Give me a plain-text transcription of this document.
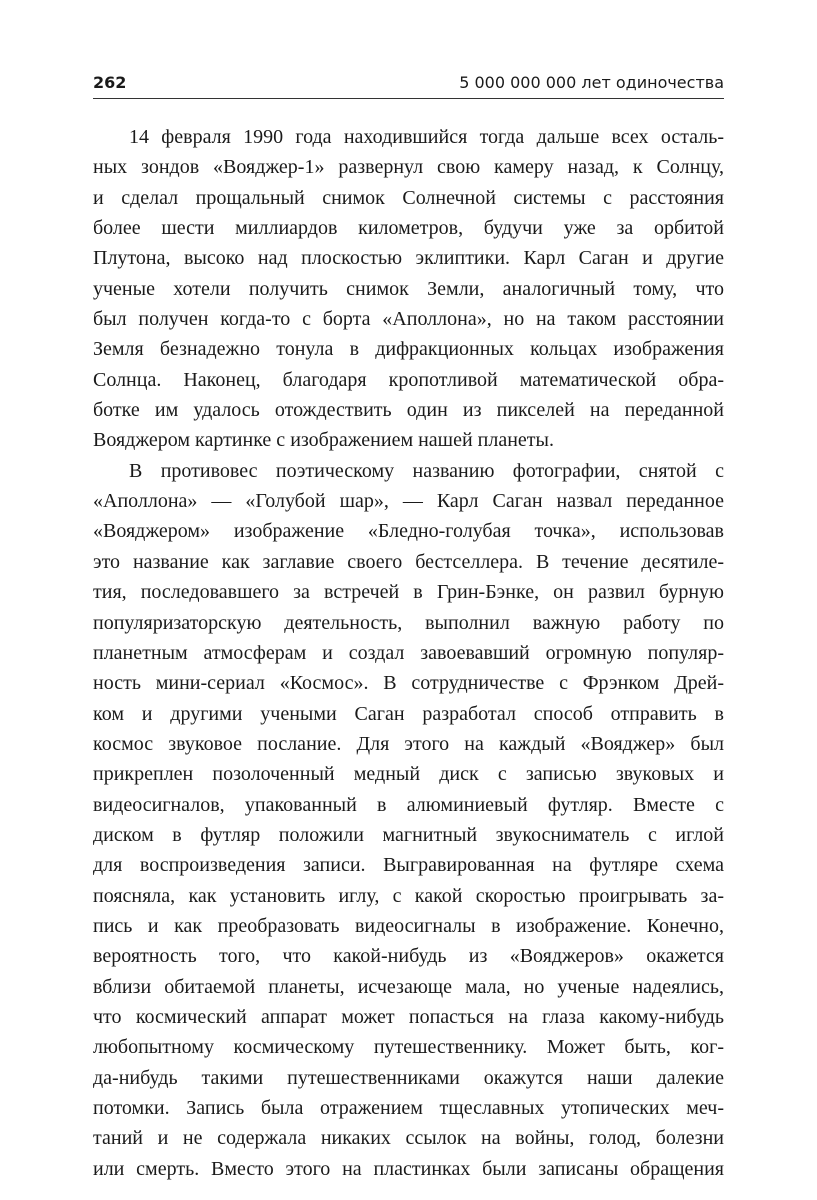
262	5 000 000 000 лет одиночества
14 февраля 1990 года находившийся тогда дальше всех осталь-
ных зондов «Вояджер-1» развернул свою камеру назад, к Солнцу,
и сделал прощальный снимок Солнечной системы с расстояния
более шести миллиардов километров, будучи уже за орбитой
Плутона, высоко над плоскостью эклиптики. Карл Саган и другие
ученые хотели получить снимок Земли, аналогичный тому, что
был получен когда-то с борта «Аполлона», но на таком расстоянии
Земля безнадежно тонула в дифракционных кольцах изображения
Солнца. Наконец, благодаря кропотливой математической обра-
ботке им удалось отождествить один из пикселей на переданной
Вояджером картинке с изображением нашей планеты.
В противовес поэтическому названию фотографии, снятой с
«Аполлона» — «Голубой шар», — Карл Саган назвал переданное
«Вояджером» изображение «Бледно-голубая точка», использовав
это название как заглавие своего бестселлера. В течение десятиле-
тия, последовавшего за встречей в Грин-Бэнке, он развил бурную
популяризаторскую деятельность, выполнил важную работу по
планетным атмосферам и создал завоевавший огромную популяр-
ность мини-сериал «Космос». В сотрудничестве с Фрэнком Дрей-
ком и другими учеными Саган разработал способ отправить в
космос звуковое послание. Для этого на каждый «Вояджер» был
прикреплен позолоченный медный диск с записью звуковых и
видеосигналов, упакованный в алюминиевый футляр. Вместе с
диском в футляр положили магнитный звукосниматель с иглой
для воспроизведения записи. Выгравированная на футляре схема
поясняла, как установить иглу, с какой скоростью проигрывать за-
пись и как преобразовать видеосигналы в изображение. Конечно,
вероятность того, что какой-нибудь из «Вояджеров» окажется
вблизи обитаемой планеты, исчезающе мала, но ученые надеялись,
что космический аппарат может попасться на глаза какому-нибудь
любопытному космическому путешественнику. Может быть, ког-
да-нибудь такими путешественниками окажутся наши далекие
потомки. Запись была отражением тщеславных утопических меч-
таний и не содержала никаких ссылок на войны, голод, болезни
или смерть. Вместо этого на пластинках были записаны обращения
